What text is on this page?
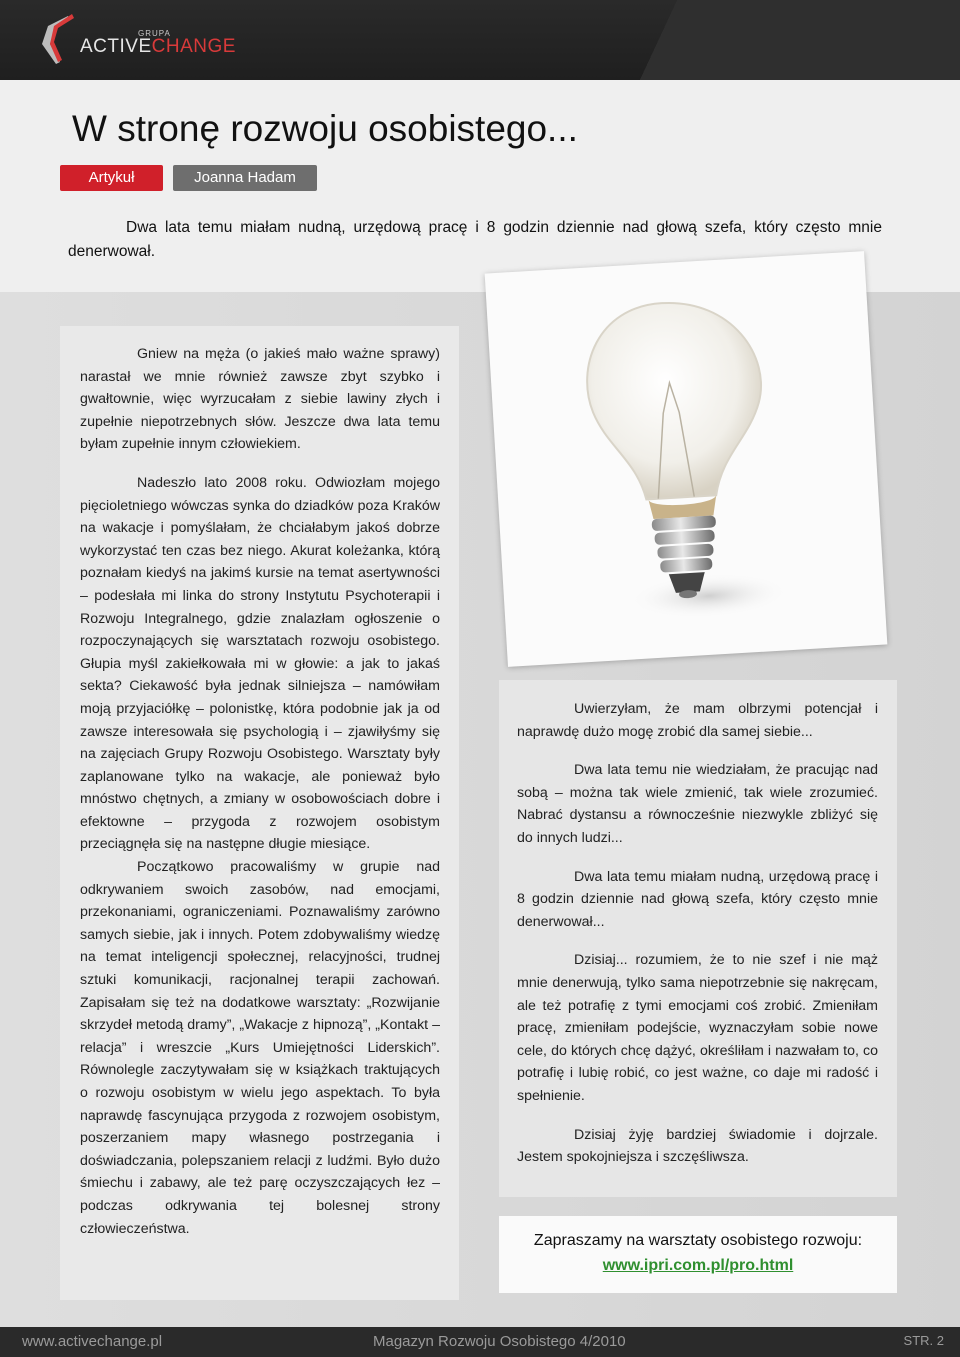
GRUPA
ACTIVECHANGE
W stronę rozwoju osobistego...
Artykuł	Joanna Hadam

Dwa lata temu miałam nudną, urzędową pracę i 8 godzin dziennie nad głową szefa, który często mnie denerwował.

Gniew na męża (o jakieś mało ważne sprawy) narastał we mnie również zawsze zbyt szybko i gwałtownie, więc wyrzucałam z siebie lawiny złych i zupełnie niepotrzebnych słów. Jeszcze dwa lata temu byłam zupełnie innym człowiekiem.

Nadeszło lato 2008 roku. Odwiozłam mojego pięcioletniego wówczas synka do dziadków poza Kraków na wakacje i pomyślałam, że chciałabym jakoś dobrze wykorzystać ten czas bez niego. Akurat koleżanka, którą poznałam kiedyś na jakimś kursie na temat asertywności – podesłała mi linka do strony Instytutu Psychoterapii i Rozwoju Integralnego, gdzie znalazłam ogłoszenie o rozpoczynających się warsztatach rozwoju osobistego. Głupia myśl zakiełkowała mi w głowie: a jak to jakaś sekta? Ciekawość była jednak silniejsza – namówiłam moją przyjaciółkę – polonistkę, która podobnie jak ja od zawsze interesowała się psychologią i – zjawiłyśmy się na zajęciach Grupy Rozwoju Osobistego. Warsztaty były zaplanowane tylko na wakacje, ale ponieważ było mnóstwo chętnych, a zmiany w osobowościach dobre i efektowne – przygoda z rozwojem osobistym przeciągnęła się na następne długie miesiące.

Początkowo pracowaliśmy w grupie nad odkrywaniem swoich zasobów, nad emocjami, przekonaniami, ograniczeniami. Poznawaliśmy zarówno samych siebie, jak i innych. Potem zdobywaliśmy wiedzę na temat inteligencji społecznej, relacyjności, trudnej sztuki komunikacji, racjonalnej terapii zachowań. Zapisałam się też na dodatkowe warsztaty: „Rozwijanie skrzydeł metodą dramy”, „Wakacje z hipnozą”, „Kontakt – relacja” i wreszcie „Kurs Umiejętności Liderskich”. Równolegle zaczytywałam się w książkach traktujących o rozwoju osobistym w wielu jego aspektach. To była naprawdę fascynująca przygoda z rozwojem osobistym, poszerzaniem mapy własnego postrzegania i doświadczania, polepszaniem relacji z ludźmi. Było dużo śmiechu i zabawy, ale też parę oczyszczających łez – podczas odkrywania tej bolesnej strony człowieczeństwa.

Uwierzyłam, że mam olbrzymi potencjał i naprawdę dużo mogę zrobić dla samej siebie...

Dwa lata temu nie wiedziałam, że pracując nad sobą – można tak wiele zmienić, tak wiele zrozumieć. Nabrać dystansu a równocześnie niezwykle zbliżyć się do innych ludzi...

Dwa lata temu miałam nudną, urzędową pracę i 8 godzin dziennie nad głową szefa, który często mnie denerwował...

Dzisiaj... rozumiem, że to nie szef i nie mąż mnie denerwują, tylko sama niepotrzebnie się nakręcam, ale też potrafię z tymi emocjami coś zrobić. Zmieniłam pracę, zmieniłam podejście, wyznaczyłam sobie nowe cele, do których chcę dążyć, określiłam i nazwałam to, co potrafię i lubię robić, co jest ważne, co daje mi radość i spełnienie.

Dzisiaj żyję bardziej świadomie i dojrzale. Jestem spokojniejsza i szczęśliwsza.

Zapraszamy na warsztaty osobistego rozwoju:
www.ipri.com.pl/pro.html
www.activechange.pl	Magazyn Rozwoju Osobistego 4/2010	STR. 2
